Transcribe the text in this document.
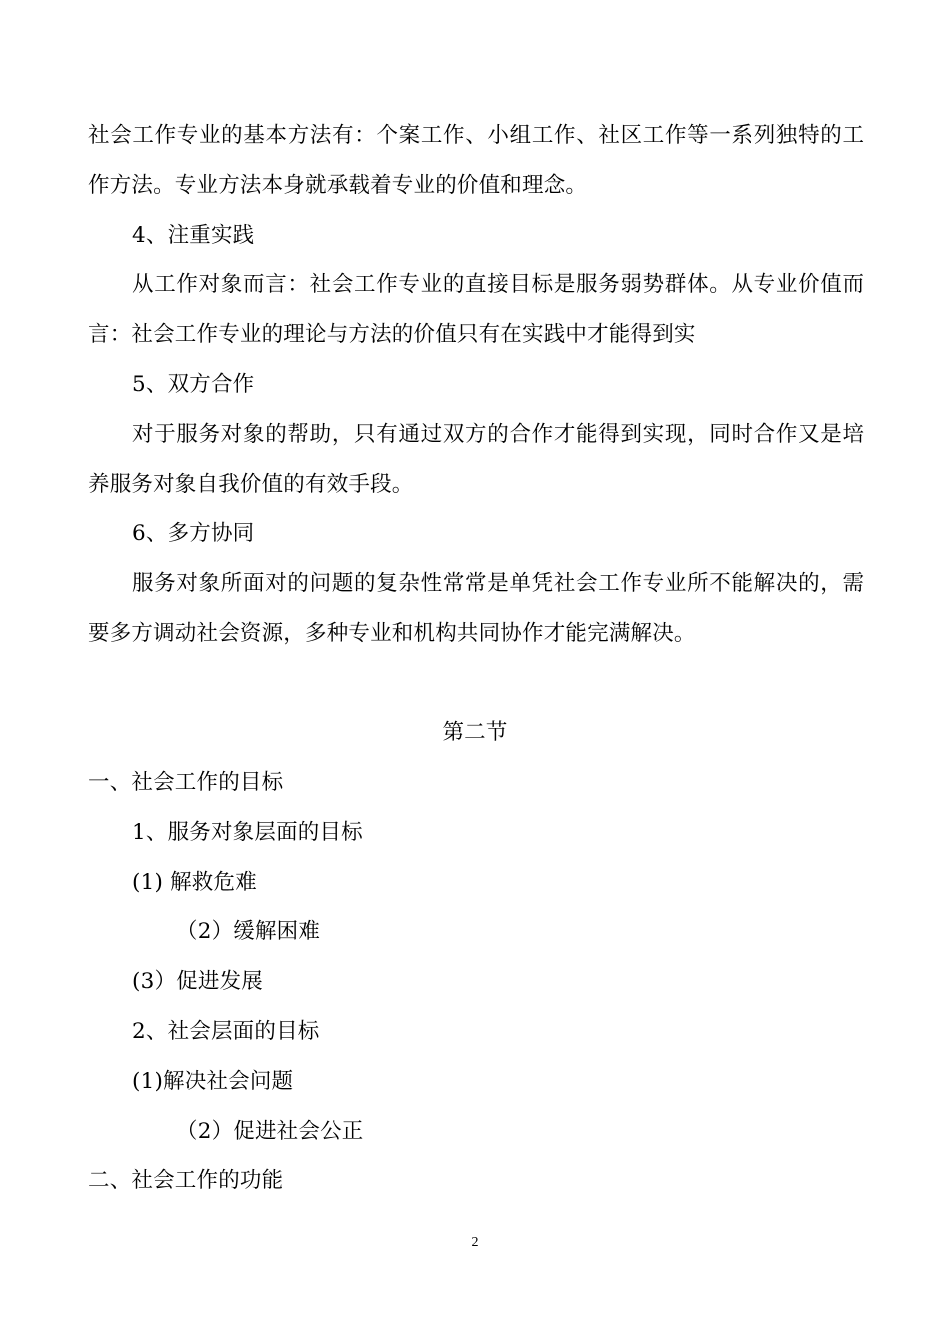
社会工作专业的基本方法有：个案工作、小组工作、社区工作等一系列独特的工
作方法。专业方法本身就承载着专业的价值和理念。
4、注重实践
从工作对象而言：社会工作专业的直接目标是服务弱势群体。从专业价值而
言：社会工作专业的理论与方法的价值只有在实践中才能得到实
5、双方合作
对于服务对象的帮助，只有通过双方的合作才能得到实现，同时合作又是培
养服务对象自我价值的有效手段。
6、多方协同
服务对象所面对的问题的复杂性常常是单凭社会工作专业所不能解决的，需
要多方调动社会资源，多种专业和机构共同协作才能完满解决。
第二节
一、社会工作的目标
1、服务对象层面的目标
(1) 解救危难
（2）缓解困难
(3）促进发展
2、社会层面的目标
(1)解决社会问题
（2）促进社会公正
二、社会工作的功能
2
